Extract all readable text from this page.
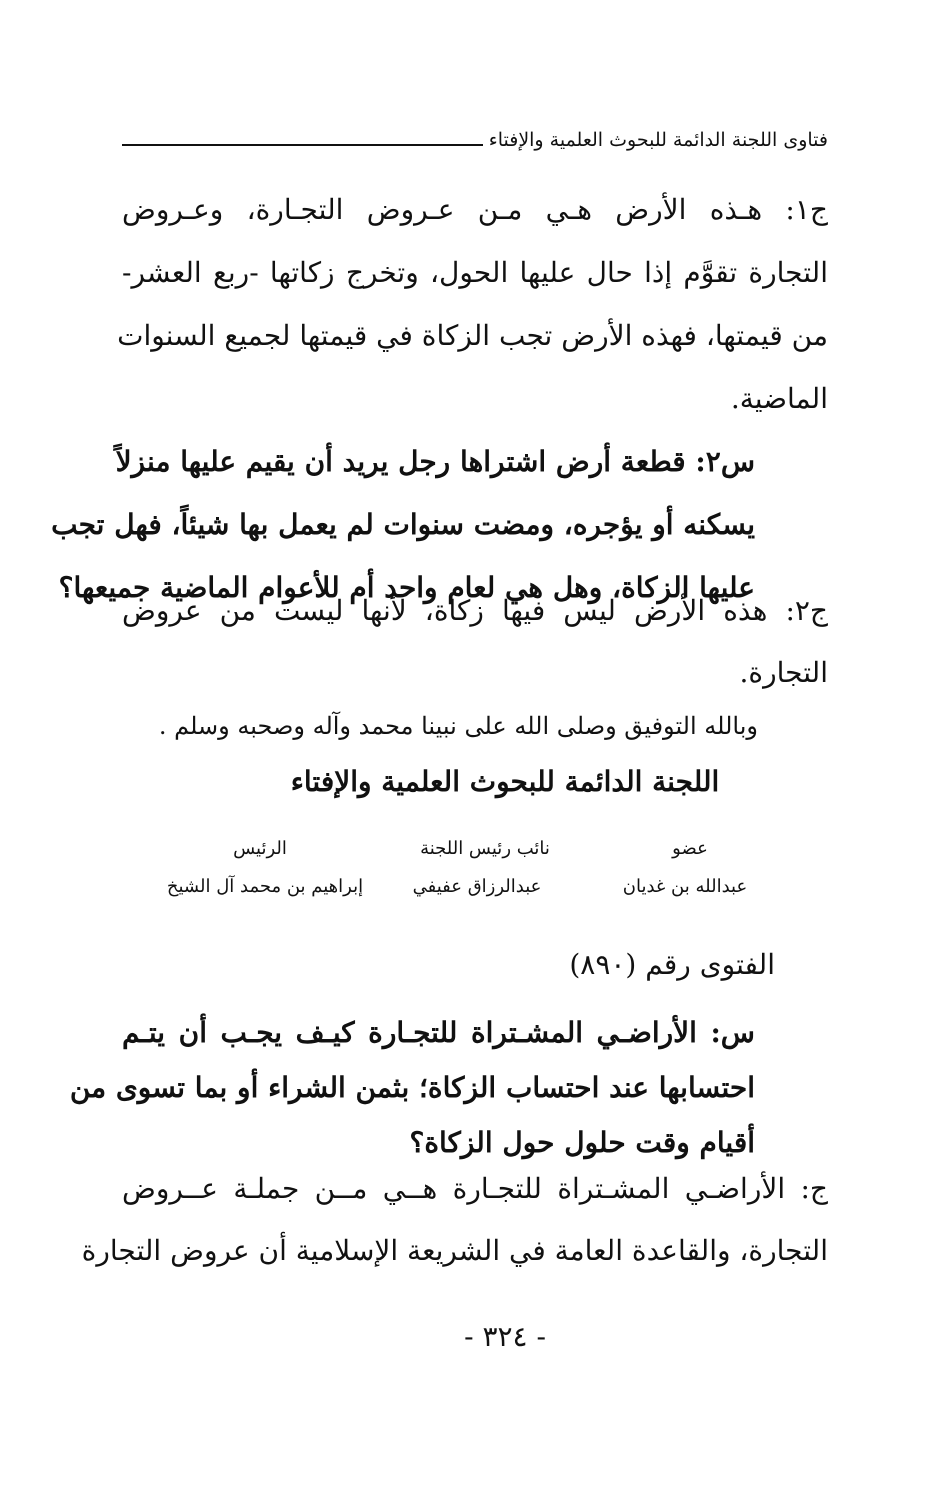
فتاوى اللجنة الدائمة للبحوث العلمية والإفتاء
ج١: هـذه الأرض هـي مـن عـروض التجـارة، وعـروض
التجارة تقوَّم إذا حال عليها الحول، وتخرج زكاتها -ربع العشر-
من قيمتها، فهذه الأرض تجب الزكاة في قيمتها لجميع السنوات
الماضية.
س٢: قطعة أرض اشتراها رجل يريد أن يقيم عليها منزلاً
يسكنه أو يؤجره، ومضت سنوات لم يعمل بها شيئاً، فهل تجب
عليها الزكاة، وهل هي لعام واحد أم للأعوام الماضية جميعها؟
ج٢: هذه الأرض ليس فيها زكاة، لأنها ليست من عروض
التجارة.
وبالله التوفيق وصلى الله على نبينا محمد وآله وصحبه وسلم .
اللجنة الدائمة للبحوث العلمية والإفتاء
عضو
نائب رئيس اللجنة
الرئيس
عبدالله بن غديان
عبدالرزاق عفيفي
إبراهيم بن محمد آل الشيخ
الفتوى رقم (٨٩٠)
س: الأراضـي المشـتراة للتجـارة كيـف يجـب أن يتـم
احتسابها عند احتساب الزكاة؛ بثمن الشراء أو بما تسوى من
أقيام وقت حلول حول الزكاة؟
ج: الأراضـي المشـتراة للتجـارة هــي مــن جملـة عــروض
التجارة، والقاعدة العامة في الشريعة الإسلامية أن عروض التجارة
- ٣٢٤ -
